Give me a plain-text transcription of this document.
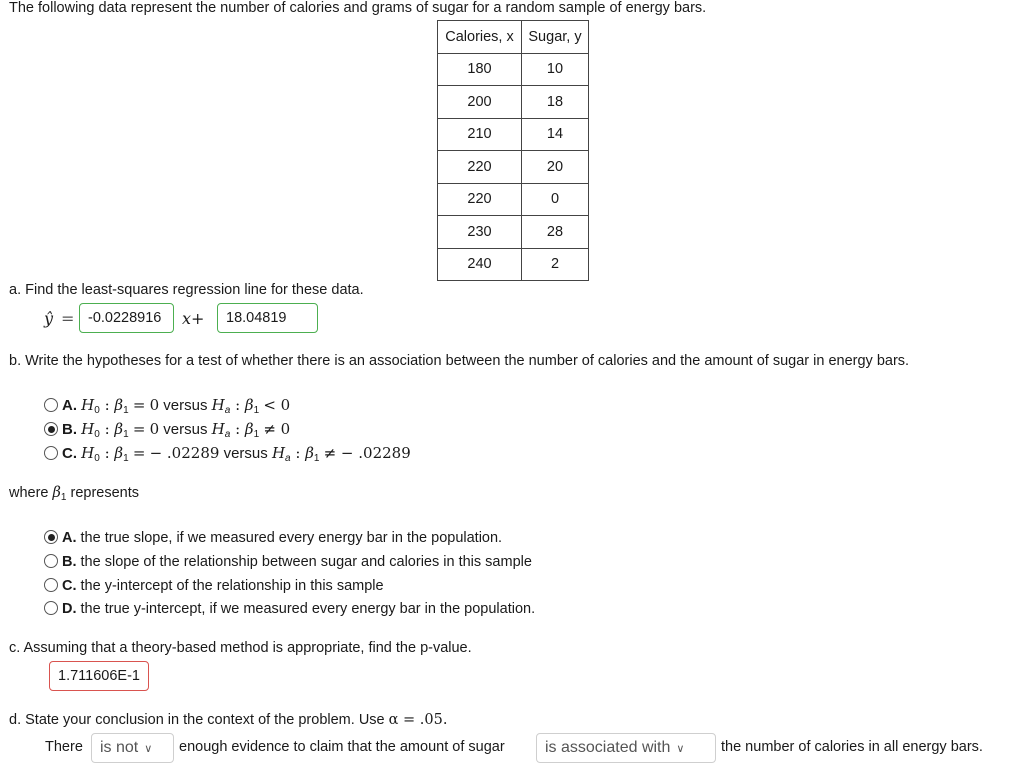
The following data represent the number of calories and grams of sugar for a random sample of energy bars.
Calories, x	Sugar, y
180	10
200	18
210	14
220	20
220	0
230	28
240	2
a. Find the least-squares regression line for these data.
ŷ = -0.0228916	x+	18.04819
b. Write the hypotheses for a test of whether there is an association between the number of calories and the amount of sugar in energy bars.
A. $H_0$ : $\beta_1 = 0$ versus $H_a$ : $\beta_1 < 0$
B. $H_0$ : $\beta_1 = 0$ versus $H_a$ : $\beta_1 \ne 0$
C. $H_0$ : $\beta_1$ = − .02289 versus $H_a$ : $\beta_1$ ≠ − .02289
where $\beta_1$ represents
A. the true slope, if we measured every energy bar in the population.
B. the slope of the relationship between sugar and calories in this sample
C. the y-intercept of the relationship in this sample
D. the true y-intercept, if we measured every energy bar in the population.
c. Assuming that a theory-based method is appropriate, find the p-value.
1.711606E-1
d. State your conclusion in the context of the problem. Use α = .05.
There	is not ∨	enough evidence to claim that the amount of sugar	is associated with ∨	the number of calories in all energy bars.
